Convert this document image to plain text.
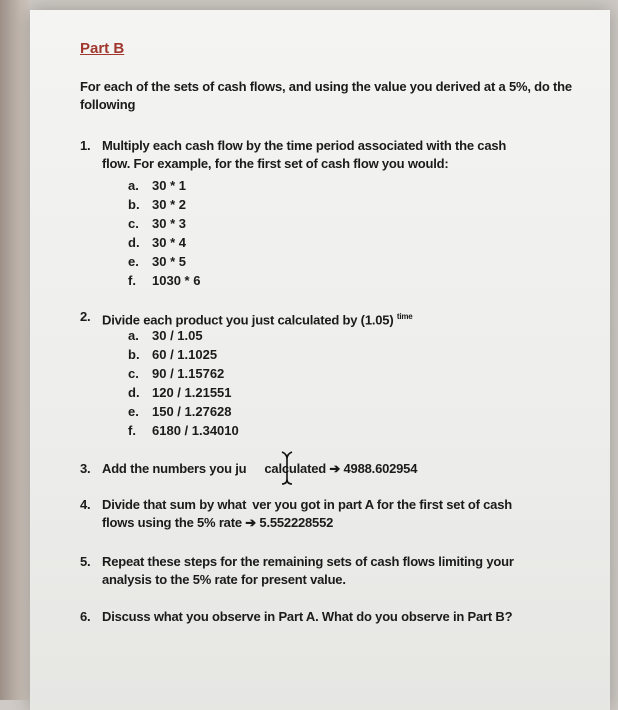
Part B
For each of the sets of cash flows, and using the value you derived at a 5%, do the following
1. Multiply each cash flow by the time period associated with the cash
flow. For example, for the first set of cash flow you would:
a. 30 * 1
b. 30 * 2
c. 30 * 3
d. 30 * 4
e. 30 * 5
f. 1030 * 6
2. Divide each product you just calculated by (1.05) $^{time}$
a. 30 / 1.05
b. 60 / 1.1025
c. 90 / 1.15762
d. 120 / 1.21551
e. 150 / 1.27628
f. 6180 / 1.34010
3. Add the numbers you ju calculated ➔ 4988.602954
4. Divide that sum by what ver you got in part A for the first set of cash
flows using the 5% rate ➔ 5.552228552
5. Repeat these steps for the remaining sets of cash flows limiting your
analysis to the 5% rate for present value.
6. Discuss what you observe in Part A. What do you observe in Part B?
